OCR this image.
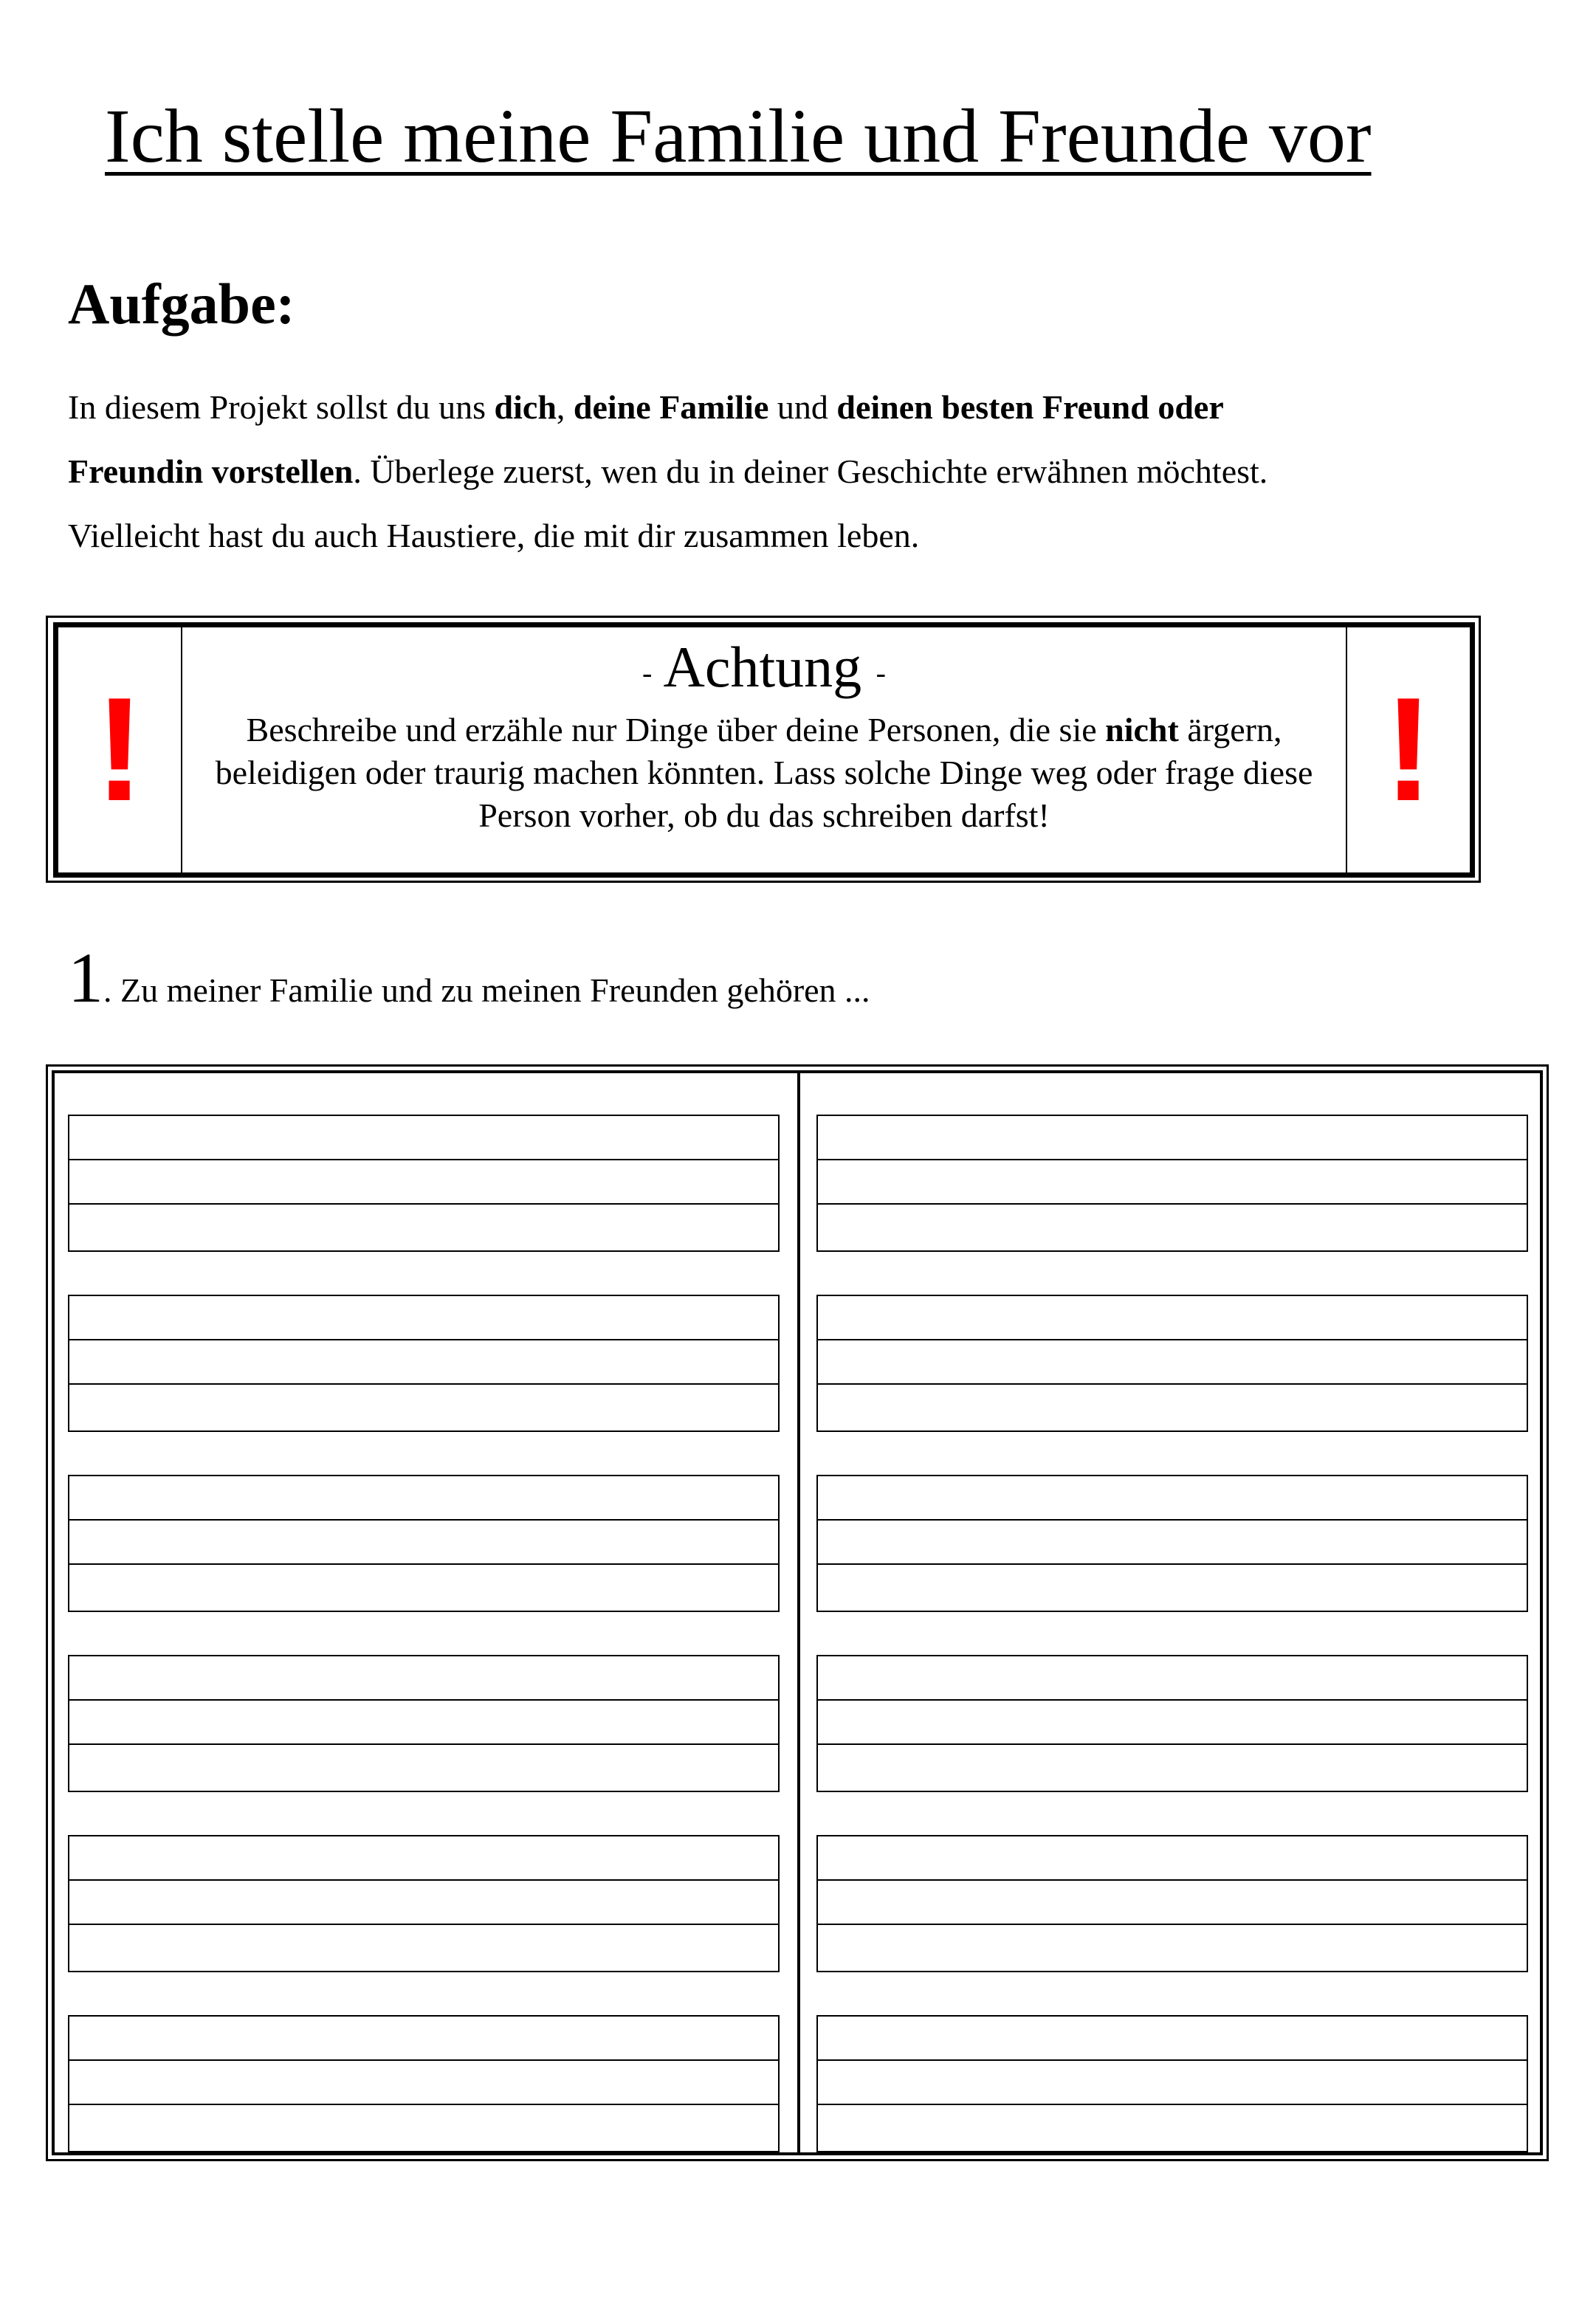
Ich stelle meine Familie und Freunde vor
Aufgabe:

In diesem Projekt sollst du uns dich, deine Familie und deinen besten Freund oder

Freundin vorstellen. Überlege zuerst, wen du in deiner Geschichte erwähnen möchtest.

Vielleicht hast du auch Haustiere, die mit dir zusammen leben.

!	- Achtung -
Beschreibe und erzähle nur Dinge über deine Personen, die sie nicht ärgern, beleidigen oder traurig machen könnten. Lass solche Dinge weg oder frage diese Person vorher, ob du das schreiben darfst!	!
1. Zu meiner Familie und zu meinen Freunden gehören ...
